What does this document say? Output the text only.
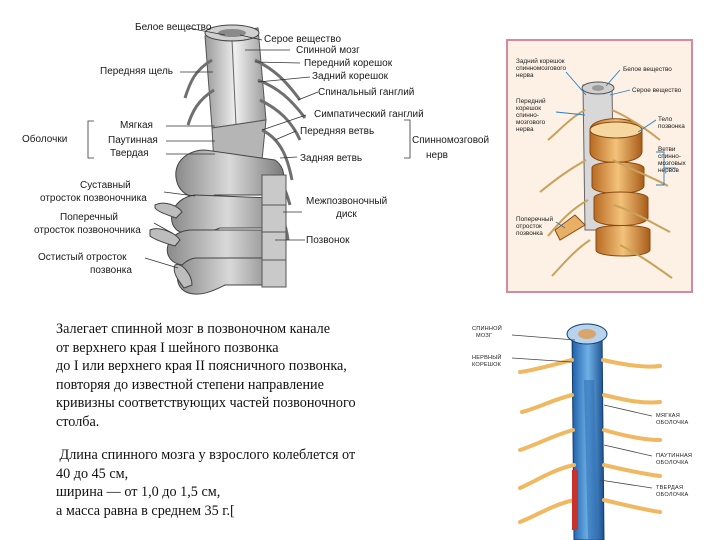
Белое вещество
Серое вещество
Спинной мозг
Передний корешок
Задний корешок
Спинальный ганглий
Передняя щель
Симпатический ганглий
Оболочки
Мягкая
Паутинная
Твердая
Передняя ветвь
Задняя ветвь
Спинномозговой
нерв
Суставный
отросток позвоночника
Поперечный
отросток позвоночника
Остистый отросток
позвонка
Межпозвоночный
диск
Позвонок
Задний корешок
спинномозгового
нерва
Белое вещество
Серое вещество
Передний
корешок
спинно-
мозгового
нерва
Тело
позвонка
Ветви
спинно-
мозговых
нервов
Поперечный
отросток
позвонка
СПИННОЙ
МОЗГ
НЕРВНЫЙ
КОРЕШОК
МЯГКАЯ
ОБОЛОЧКА
ПАУТИННАЯ
ОБОЛОЧКА
ТВЕРДАЯ
ОБОЛОЧКА
Залегает спинной мозг в позвоночном канале
от верхнего края I шейного позвонка
до I или верхнего края II поясничного позвонка,
повторяя до известной степени направление
кривизны соответствующих частей позвоночного
столба.
Длина спинного мозга у взрослого колеблется от
40 до 45 см,
ширина — от 1,0 до 1,5 см,
а масса равна в среднем 35 г.[
